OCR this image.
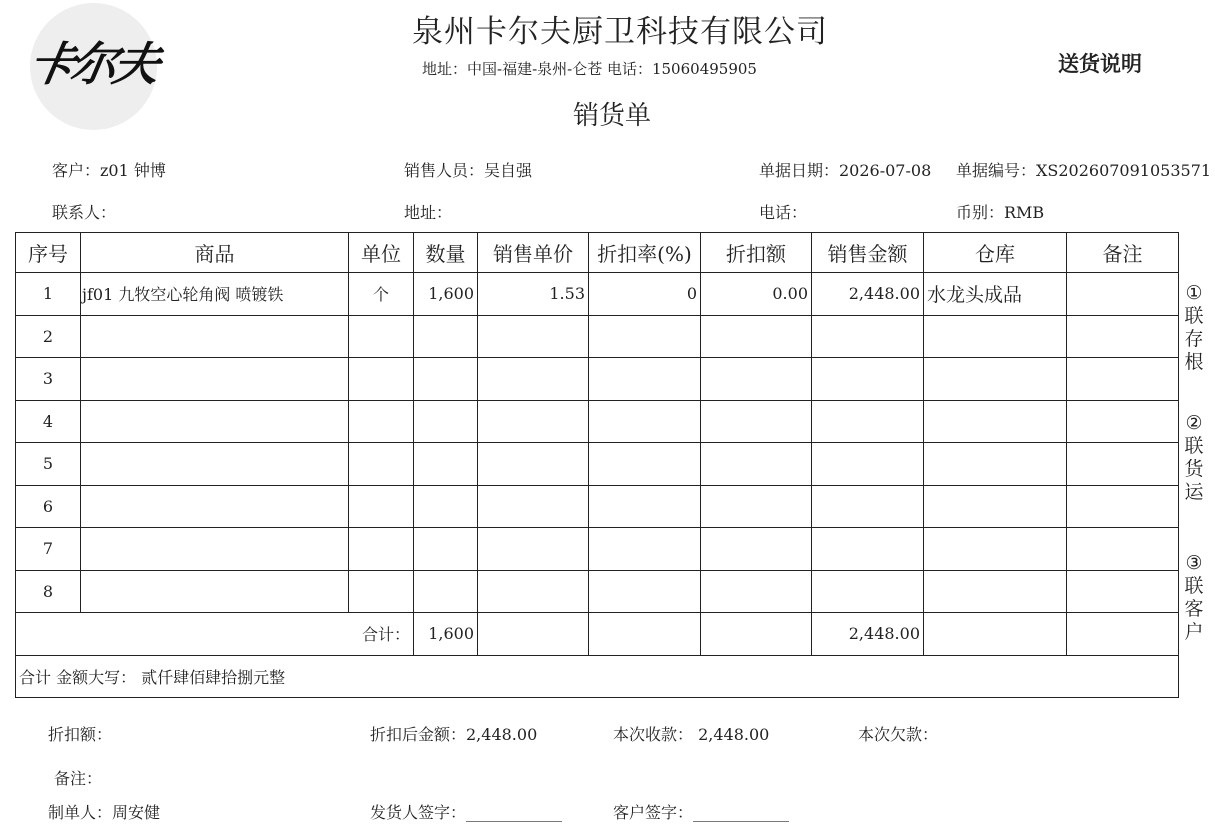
卡尔夫
泉州卡尔夫厨卫科技有限公司
地址：中国-福建-泉州-仑苍 电话：15060495905
销货单
送货说明
客户：z01 钟博	销售人员：吴自强	单据日期：2026-07-08 单据编号：XS202607091053571
联系人：	地址：	电话：	币别：RMB
序号	商品	单位	数量	销售单价	折扣率(%)	折扣额	销售金额	仓库	备注
1	jf01 九牧空心轮角阀 喷镀铁	个	1,600	1.53	0	0.00	2,448.00	水龙头成品	
2									
3									
4									
5									
6									
7									
8									
合计：			1,600				2,448.00		
合计 金额大写： 贰仟肆佰肆拾捌元整									
①联存根
②联货运
③联客户
折扣额：	折扣后金额：2,448.00	本次收款： 2,448.00	本次欠款：
备注：
制单人：周安健	发货人签字：____________	客户签字：____________
